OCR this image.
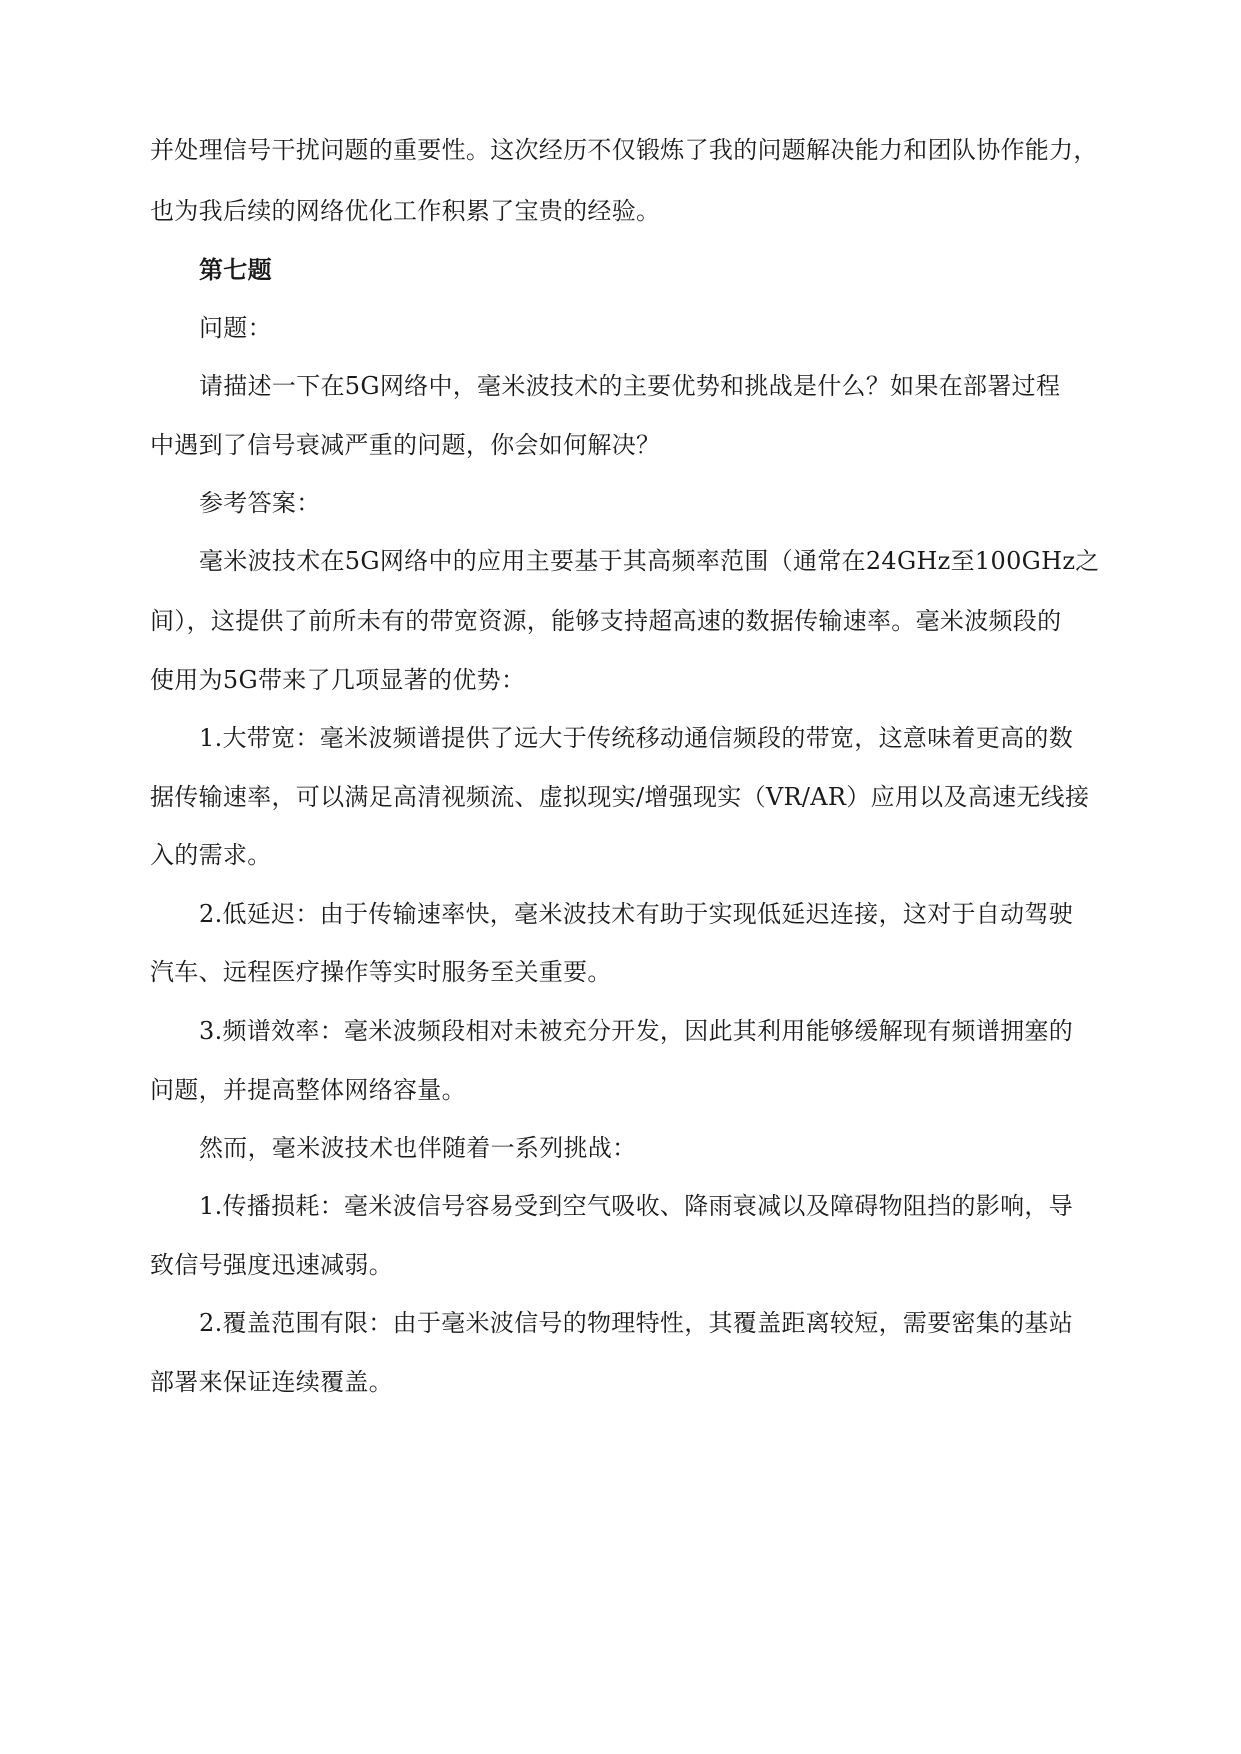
并处理信号干扰问题的重要性。这次经历不仅锻炼了我的问题解决能力和团队协作能力，
也为我后续的网络优化工作积累了宝贵的经验。
第七题
问题：
请描述一下在5G网络中，毫米波技术的主要优势和挑战是什么？如果在部署过程
中遇到了信号衰减严重的问题，你会如何解决？
参考答案：
毫米波技术在5G网络中的应用主要基于其高频率范围（通常在24GHz至100GHz之
间），这提供了前所未有的带宽资源，能够支持超高速的数据传输速率。毫米波频段的
使用为5G带来了几项显著的优势：
1.大带宽：毫米波频谱提供了远大于传统移动通信频段的带宽，这意味着更高的数
据传输速率，可以满足高清视频流、虚拟现实/增强现实（VR/AR）应用以及高速无线接
入的需求。
2.低延迟：由于传输速率快，毫米波技术有助于实现低延迟连接，这对于自动驾驶
汽车、远程医疗操作等实时服务至关重要。
3.频谱效率：毫米波频段相对未被充分开发，因此其利用能够缓解现有频谱拥塞的
问题，并提高整体网络容量。
然而，毫米波技术也伴随着一系列挑战：
1.传播损耗：毫米波信号容易受到空气吸收、降雨衰减以及障碍物阻挡的影响，导
致信号强度迅速减弱。
2.覆盖范围有限：由于毫米波信号的物理特性，其覆盖距离较短，需要密集的基站
部署来保证连续覆盖。
